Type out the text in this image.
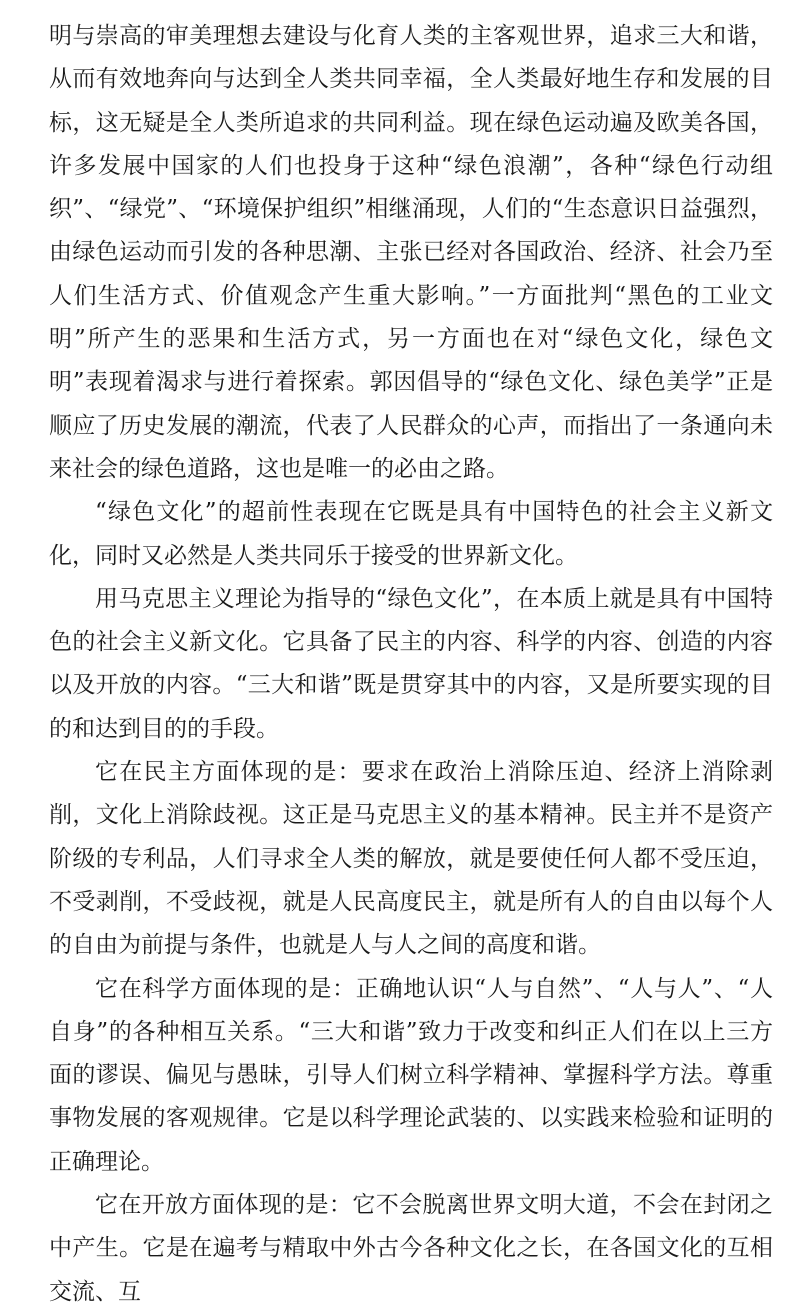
明与崇高的审美理想去建设与化育人类的主客观世界，追求三大和谐，从而有效地奔向与达到全人类共同幸福，全人类最好地生存和发展的目标，这无疑是全人类所追求的共同利益。现在绿色运动遍及欧美各国，许多发展中国家的人们也投身于这种“绿色浪潮”，各种“绿色行动组织”、“绿党”、“环境保护组织”相继涌现，人们的“生态意识日益强烈，由绿色运动而引发的各种思潮、主张已经对各国政治、经济、社会乃至人们生活方式、价值观念产生重大影响。”一方面批判“黑色的工业文明”所产生的恶果和生活方式，另一方面也在对“绿色文化，绿色文明”表现着渴求与进行着探索。郭因倡导的“绿色文化、绿色美学”正是顺应了历史发展的潮流，代表了人民群众的心声，而指出了一条通向未来社会的绿色道路，这也是唯一的必由之路。

“绿色文化”的超前性表现在它既是具有中国特色的社会主义新文化，同时又必然是人类共同乐于接受的世界新文化。

用马克思主义理论为指导的“绿色文化”，在本质上就是具有中国特色的社会主义新文化。它具备了民主的内容、科学的内容、创造的内容以及开放的内容。“三大和谐”既是贯穿其中的内容，又是所要实现的目的和达到目的的手段。

它在民主方面体现的是：要求在政治上消除压迫、经济上消除剥削，文化上消除歧视。这正是马克思主义的基本精神。民主并不是资产阶级的专利品，人们寻求全人类的解放，就是要使任何人都不受压迫，不受剥削，不受歧视，就是人民高度民主，就是所有人的自由以每个人的自由为前提与条件，也就是人与人之间的高度和谐。

它在科学方面体现的是：正确地认识“人与自然”、“人与人”、“人自身”的各种相互关系。“三大和谐”致力于改变和纠正人们在以上三方面的谬误、偏见与愚昧，引导人们树立科学精神、掌握科学方法。尊重事物发展的客观规律。它是以科学理论武装的、以实践来检验和证明的正确理论。

它在开放方面体现的是：它不会脱离世界文明大道，不会在封闭之中产生。它是在遍考与精取中外古今各种文化之长，在各国文化的互相交流、互
